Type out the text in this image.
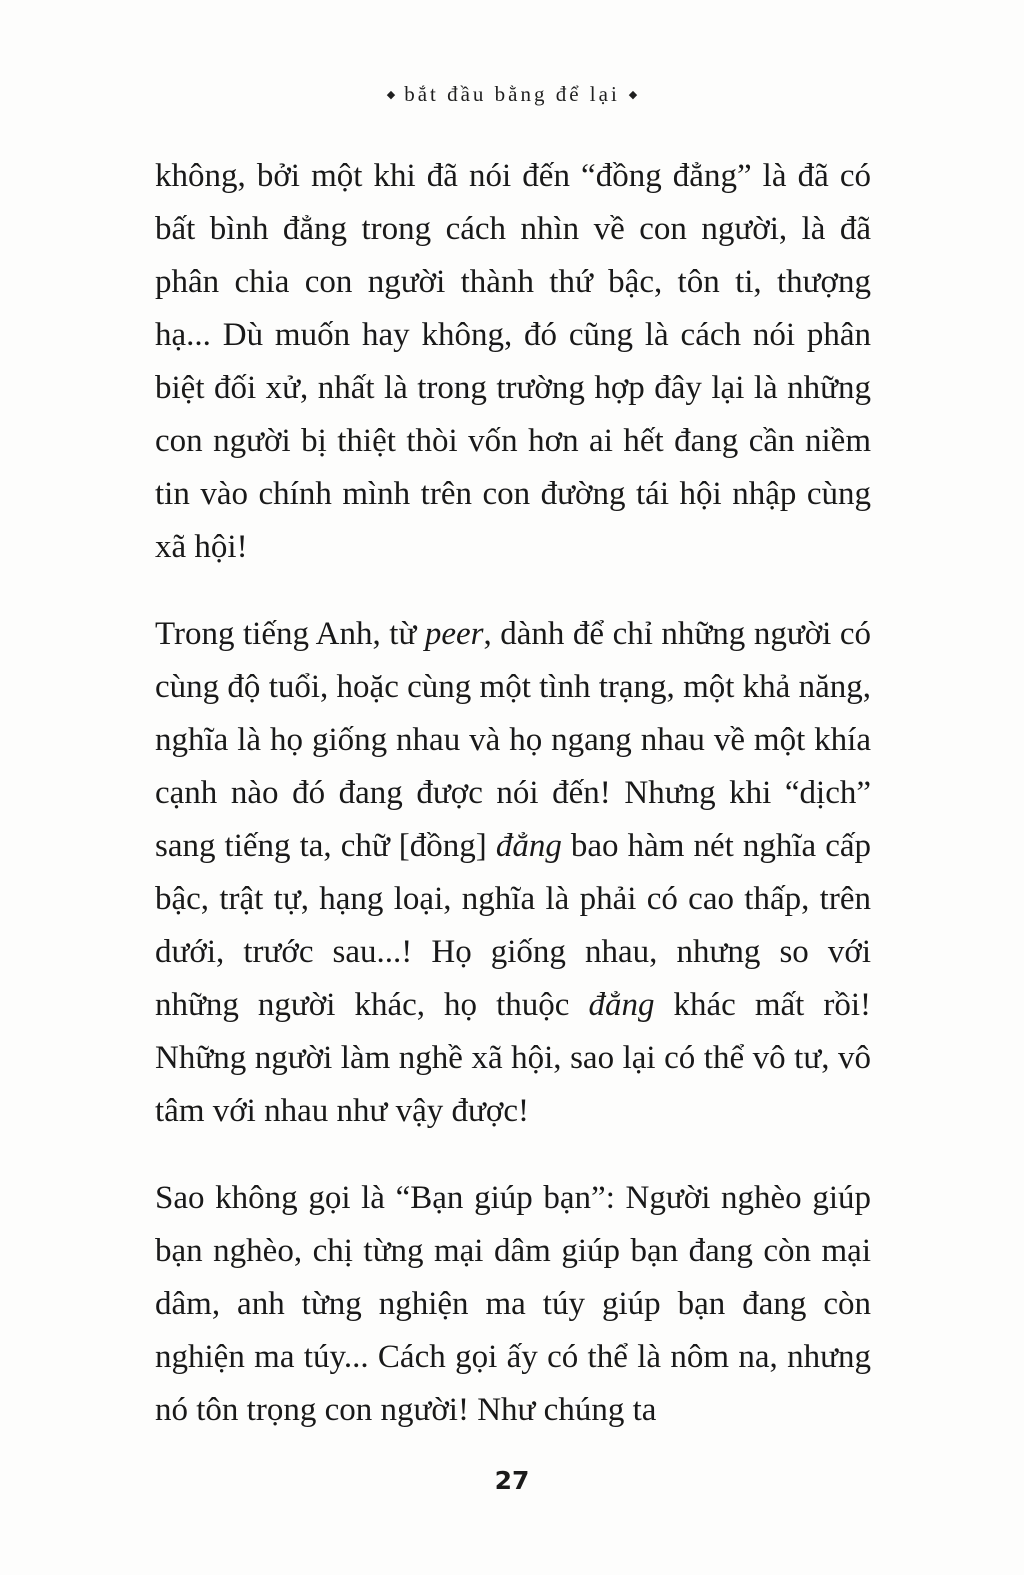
◆ bắt đầu bằng để lại ◆

không, bởi một khi đã nói đến “đồng đẳng” là đã có bất bình đẳng trong cách nhìn về con người, là đã phân chia con người thành thứ bậc, tôn ti, thượng hạ... Dù muốn hay không, đó cũng là cách nói phân biệt đối xử, nhất là trong trường hợp đây lại là những con người bị thiệt thòi vốn hơn ai hết đang cần niềm tin vào chính mình trên con đường tái hội nhập cùng xã hội!

Trong tiếng Anh, từ peer, dành để chỉ những người có cùng độ tuổi, hoặc cùng một tình trạng, một khả năng, nghĩa là họ giống nhau và họ ngang nhau về một khía cạnh nào đó đang được nói đến! Nhưng khi “dịch” sang tiếng ta, chữ [đồng] đẳng bao hàm nét nghĩa cấp bậc, trật tự, hạng loại, nghĩa là phải có cao thấp, trên dưới, trước sau...! Họ giống nhau, nhưng so với những người khác, họ thuộc đẳng khác mất rồi! Những người làm nghề xã hội, sao lại có thể vô tư, vô tâm với nhau như vậy được!

Sao không gọi là “Bạn giúp bạn”: Người nghèo giúp bạn nghèo, chị từng mại dâm giúp bạn đang còn mại dâm, anh từng nghiện ma túy giúp bạn đang còn nghiện ma túy... Cách gọi ấy có thể là nôm na, nhưng nó tôn trọng con người! Như chúng ta

27
